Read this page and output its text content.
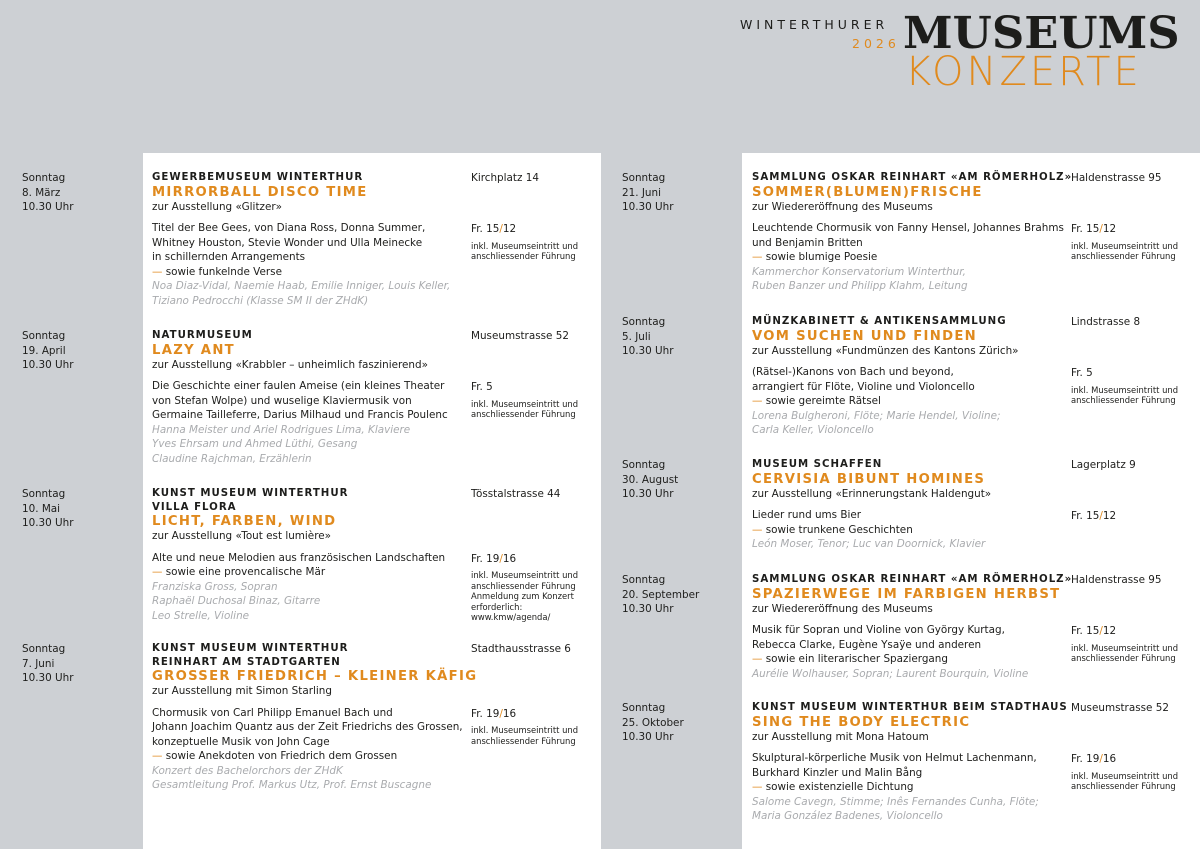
WINTERTHURER
2026 MUSEUMS
KONZERTE
Sonntag
8. März
10.30 Uhr
GEWERBEMUSEUM WINTERTHUR
MIRRORBALL DISCO TIME
zur Ausstellung «Glitzer»
Titel der Bee Gees, von Diana Ross, Donna Summer,
Whitney Houston, Stevie Wonder und Ulla Meinecke
in schillernden Arrangements
— sowie funkelnde Verse
Noa Diaz-Vidal, Naemie Haab, Emilie Inniger, Louis Keller,
Tiziano Pedrocchi (Klasse SM II der ZHdK)
Kirchplatz 14
Fr. 15/12
inkl. Museumseintritt und
anschliessender Führung
Sonntag
19. April
10.30 Uhr
NATURMUSEUM
LAZY ANT
zur Ausstellung «Krabbler – unheimlich faszinierend»
Die Geschichte einer faulen Ameise (ein kleines Theater
von Stefan Wolpe) und wuselige Klaviermusik von
Germaine Tailleferre, Darius Milhaud und Francis Poulenc
Hanna Meister und Ariel Rodrigues Lima, Klaviere
Yves Ehrsam und Ahmed Lüthi, Gesang
Claudine Rajchman, Erzählerin
Museumstrasse 52
Fr. 5
inkl. Museumseintritt und
anschliessender Führung
Sonntag
10. Mai
10.30 Uhr
KUNST MUSEUM WINTERTHUR
VILLA FLORA
LICHT, FARBEN, WIND
zur Ausstellung «Tout est lumière»
Alte und neue Melodien aus französischen Landschaften
— sowie eine provencalische Mär
Franziska Gross, Sopran
Raphaël Duchosal Binaz, Gitarre
Leo Strelle, Violine
Tösstalstrasse 44
Fr. 19/16
inkl. Museumseintritt und
anschliessender Führung
Anmeldung zum Konzert
erforderlich:
www.kmw/agenda/
Sonntag
7. Juni
10.30 Uhr
KUNST MUSEUM WINTERTHUR
REINHART AM STADTGARTEN
GROSSER FRIEDRICH – KLEINER KÄFIG
zur Ausstellung mit Simon Starling
Chormusik von Carl Philipp Emanuel Bach und
Johann Joachim Quantz aus der Zeit Friedrichs des Grossen,
konzeptuelle Musik von John Cage
— sowie Anekdoten von Friedrich dem Grossen
Konzert des Bachelorchors der ZHdK
Gesamtleitung Prof. Markus Utz, Prof. Ernst Buscagne
Stadthausstrasse 6
Fr. 19/16
inkl. Museumseintritt und
anschliessender Führung
Sonntag
21. Juni
10.30 Uhr
SAMMLUNG OSKAR REINHART «AM RÖMERHOLZ»
SOMMER(BLUMEN)FRISCHE
zur Wiedereröffnung des Museums
Leuchtende Chormusik von Fanny Hensel, Johannes Brahms
und Benjamin Britten
— sowie blumige Poesie
Kammerchor Konservatorium Winterthur,
Ruben Banzer und Philipp Klahm, Leitung
Haldenstrasse 95
Fr. 15/12
inkl. Museumseintritt und
anschliessender Führung
Sonntag
5. Juli
10.30 Uhr
MÜNZKABINETT & ANTIKENSAMMLUNG
VOM SUCHEN UND FINDEN
zur Ausstellung «Fundmünzen des Kantons Zürich»
(Rätsel-)Kanons von Bach und beyond,
arrangiert für Flöte, Violine und Violoncello
— sowie gereimte Rätsel
Lorena Bulgheroni, Flöte; Marie Hendel, Violine;
Carla Keller, Violoncello
Lindstrasse 8
Fr. 5
inkl. Museumseintritt und
anschliessender Führung
Sonntag
30. August
10.30 Uhr
MUSEUM SCHAFFEN
CERVISIA BIBUNT HOMINES
zur Ausstellung «Erinnerungstank Haldengut»
Lieder rund ums Bier
— sowie trunkene Geschichten
León Moser, Tenor; Luc van Doornick, Klavier
Lagerplatz 9
Fr. 15/12
Sonntag
20. September
10.30 Uhr
SAMMLUNG OSKAR REINHART «AM RÖMERHOLZ»
SPAZIERWEGE IM FARBIGEN HERBST
zur Wiedereröffnung des Museums
Musik für Sopran und Violine von György Kurtag,
Rebecca Clarke, Eugène Ysaÿe und anderen
— sowie ein literarischer Spaziergang
Aurélie Wolhauser, Sopran; Laurent Bourquin, Violine
Haldenstrasse 95
Fr. 15/12
inkl. Museumseintritt und
anschliessender Führung
Sonntag
25. Oktober
10.30 Uhr
KUNST MUSEUM WINTERTHUR BEIM STADTHAUS
SING THE BODY ELECTRIC
zur Ausstellung mit Mona Hatoum
Skulptural-körperliche Musik von Helmut Lachenmann,
Burkhard Kinzler und Malin Bång
— sowie existenzielle Dichtung
Salome Cavegn, Stimme; Inês Fernandes Cunha, Flöte;
Maria González Badenes, Violoncello
Museumstrasse 52
Fr. 19/16
inkl. Museumseintritt und
anschliessender Führung
